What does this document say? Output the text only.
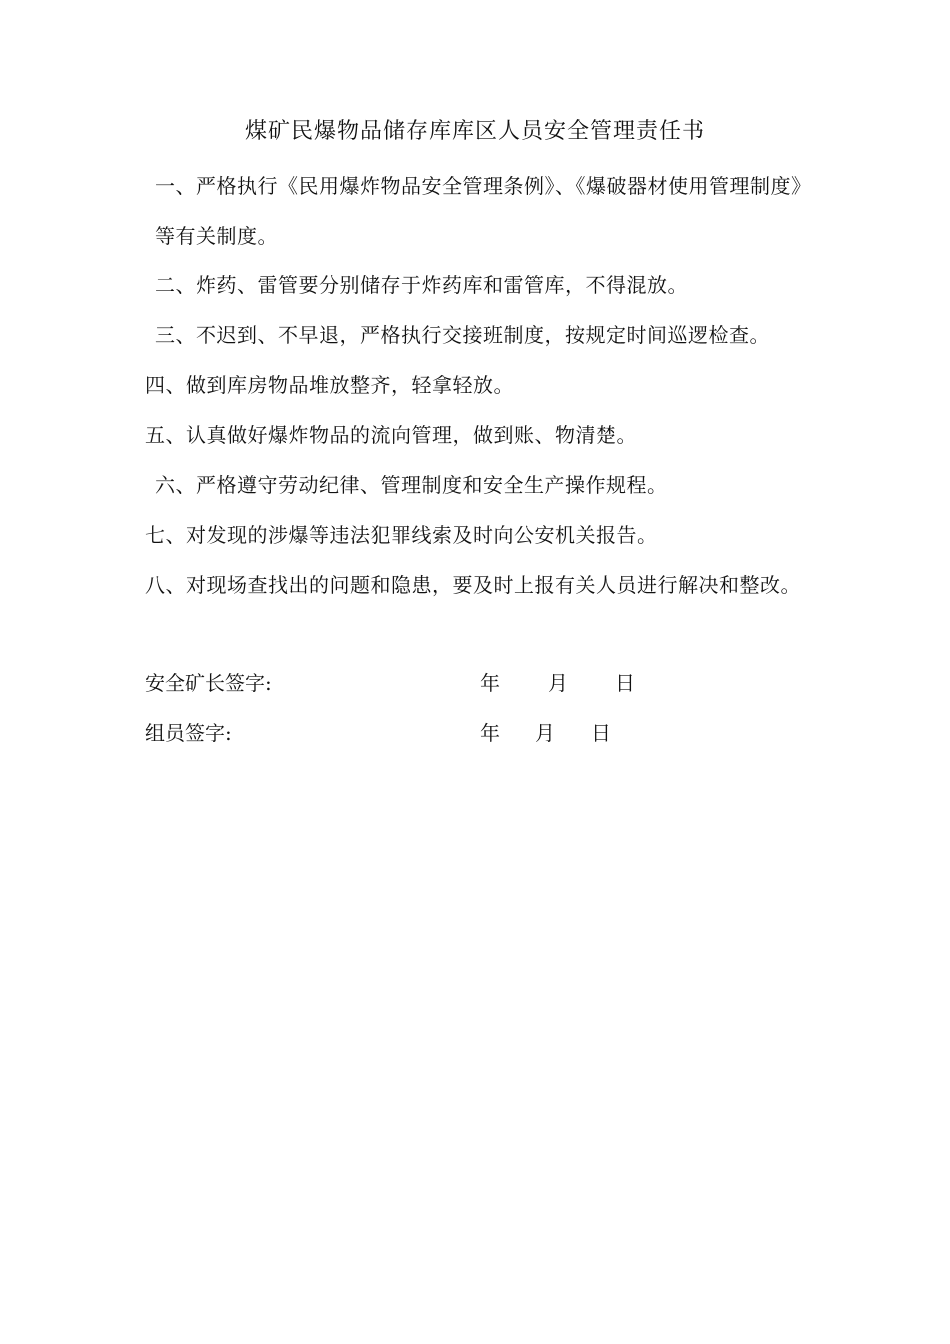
煤矿民爆物品储存库库区人员安全管理责任书
一、严格执行《民用爆炸物品安全管理条例》、《爆破器材使用管理制度》等有关制度。
二、炸药、雷管要分别储存于炸药库和雷管库，不得混放。
三、不迟到、不早退，严格执行交接班制度，按规定时间巡逻检查。
四、做到库房物品堆放整齐，轻拿轻放。
五、认真做好爆炸物品的流向管理，做到账、物清楚。
六、严格遵守劳动纪律、管理制度和安全生产操作规程。
七、对发现的涉爆等违法犯罪线索及时向公安机关报告。
八、对现场查找出的问题和隐患，要及时上报有关人员进行解决和整改。
安全矿长签字:	年 月 日
组员签字:	年 月 日
